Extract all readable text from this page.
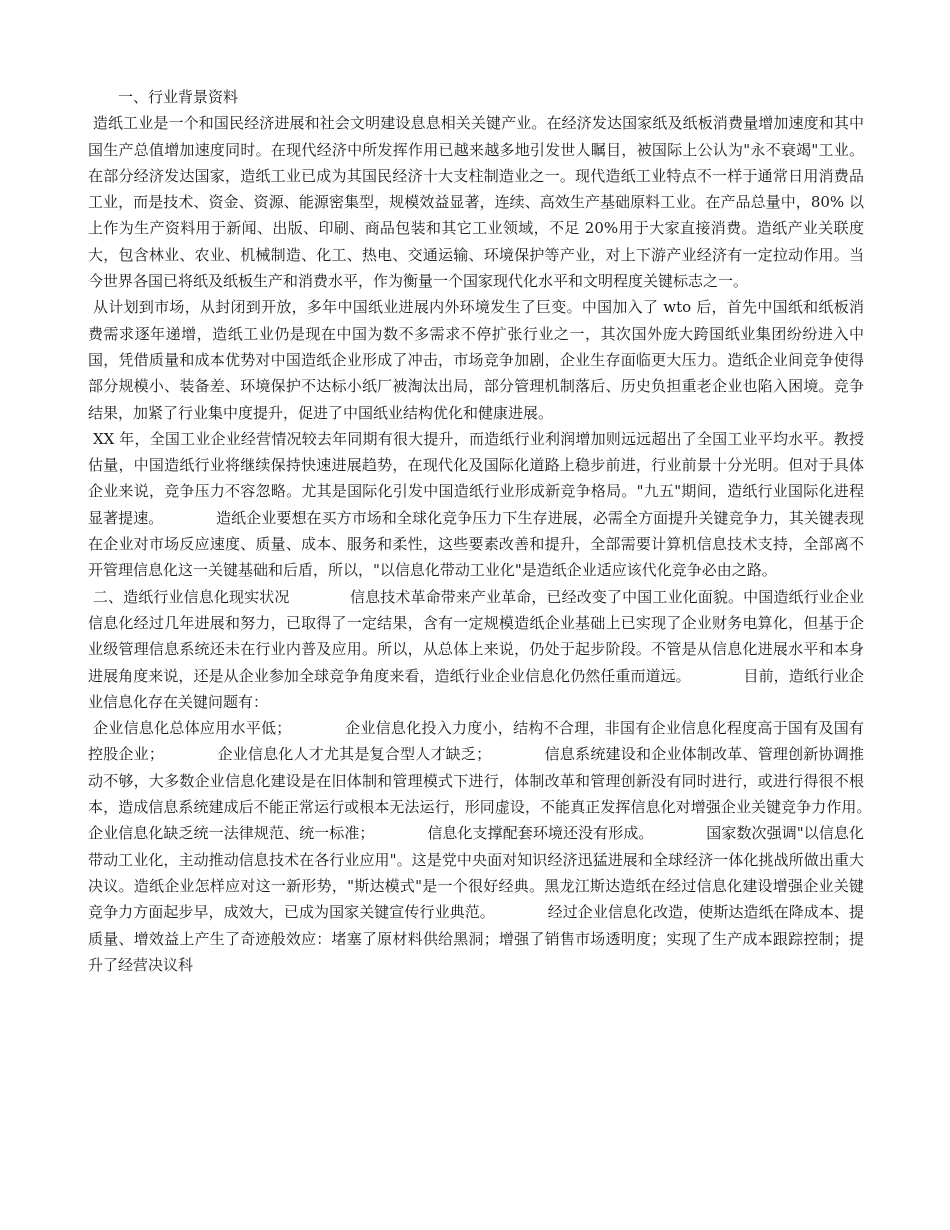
　　一、行业背景资料

造纸工业是一个和国民经济进展和社会文明建设息息相关关键产业。在经济发达国家纸及纸板消费量增加速度和其中国生产总值增加速度同时。在现代经济中所发挥作用已越来越多地引发世人瞩目，被国际上公认为"永不衰竭"工业。在部分经济发达国家，造纸工业已成为其国民经济十大支柱制造业之一。现代造纸工业特点不一样于通常日用消费品工业，而是技术、资金、资源、能源密集型，规模效益显著，连续、高效生产基础原料工业。在产品总量中，80% 以上作为生产资料用于新闻、出版、印刷、商品包装和其它工业领域，不足 20%用于大家直接消费。造纸产业关联度大，包含林业、农业、机械制造、化工、热电、交通运输、环境保护等产业，对上下游产业经济有一定拉动作用。当今世界各国已将纸及纸板生产和消费水平，作为衡量一个国家现代化水平和文明程度关键标志之一。

从计划到市场，从封闭到开放，多年中国纸业进展内外环境发生了巨变。中国加入了 wto 后，首先中国纸和纸板消费需求逐年递增，造纸工业仍是现在中国为数不多需求不停扩张行业之一，其次国外庞大跨国纸业集团纷纷进入中国，凭借质量和成本优势对中国造纸企业形成了冲击，市场竞争加剧，企业生存面临更大压力。造纸企业间竞争使得部分规模小、装备差、环境保护不达标小纸厂被淘汰出局，部分管理机制落后、历史负担重老企业也陷入困境。竞争结果，加紧了行业集中度提升，促进了中国纸业结构优化和健康进展。

XX 年，全国工业企业经营情况较去年同期有很大提升，而造纸行业利润增加则远远超出了全国工业平均水平。教授估量，中国造纸行业将继续保持快速进展趋势，在现代化及国际化道路上稳步前进，行业前景十分光明。但对于具体企业来说，竞争压力不容忽略。尤其是国际化引发中国造纸行业形成新竞争格局。"九五"期间，造纸行业国际化进程显著提速。　　　　造纸企业要想在买方市场和全球化竞争压力下生存进展，必需全方面提升关键竞争力，其关键表现在企业对市场反应速度、质量、成本、服务和柔性，这些要素改善和提升，全部需要计算机信息技术支持，全部离不开管理信息化这一关键基础和后盾，所以，"以信息化带动工业化"是造纸企业适应该代化竞争必由之路。

二、造纸行业信息化现实状况　　　　信息技术革命带来产业革命，已经改变了中国工业化面貌。中国造纸行业企业信息化经过几年进展和努力，已取得了一定结果，含有一定规模造纸企业基础上已实现了企业财务电算化，但基于企业级管理信息系统还未在行业内普及应用。所以，从总体上来说，仍处于起步阶段。不管是从信息化进展水平和本身进展角度来说，还是从企业参加全球竞争角度来看，造纸行业企业信息化仍然任重而道远。　　　　目前，造纸行业企业信息化存在关键问题有：

企业信息化总体应用水平低；　　　　企业信息化投入力度小，结构不合理，非国有企业信息化程度高于国有及国有控股企业；　　　　企业信息化人才尤其是复合型人才缺乏；　　　　信息系统建设和企业体制改革、管理创新协调推动不够，大多数企业信息化建设是在旧体制和管理模式下进行，体制改革和管理创新没有同时进行，或进行得很不根本，造成信息系统建成后不能正常运行或根本无法运行，形同虚设，不能真正发挥信息化对增强企业关键竞争力作用。　　　　企业信息化缺乏统一法律规范、统一标准；　　　　信息化支撑配套环境还没有形成。　　　　国家数次强调"以信息化带动工业化，主动推动信息技术在各行业应用"。这是党中央面对知识经济迅猛进展和全球经济一体化挑战所做出重大决议。造纸企业怎样应对这一新形势，"斯达模式"是一个很好经典。黑龙江斯达造纸在经过信息化建设增强企业关键竞争力方面起步早，成效大，已成为国家关键宣传行业典范。　　　　经过企业信息化改造，使斯达造纸在降成本、提质量、增效益上产生了奇迹般效应：堵塞了原材料供给黑洞；增强了销售市场透明度；实现了生产成本跟踪控制；提升了经营决议科
